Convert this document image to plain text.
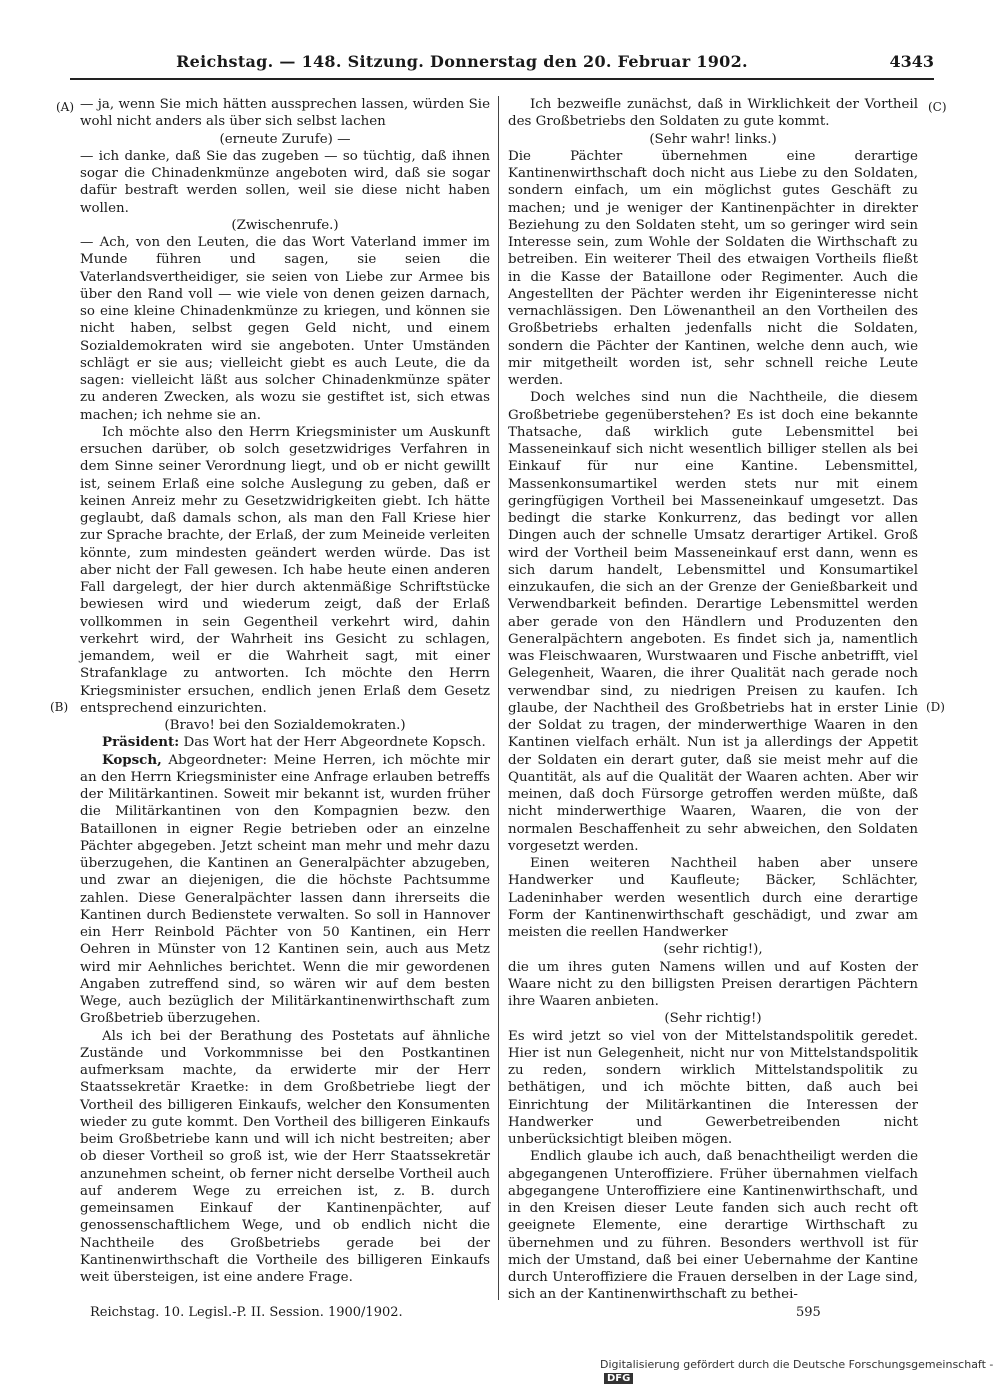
Reichstag. — 148. Sitzung. Donnerstag den 20. Februar 1902.	4343
(A)
(B)
(C)
(D)

— ja, wenn Sie mich hätten aussprechen lassen, würden Sie wohl nicht anders als über sich selbst lachen

(erneute Zurufe) —

— ich danke, daß Sie das zugeben — so tüchtig, daß ihnen sogar die Chinadenkmünze angeboten wird, daß sie sogar dafür bestraft werden sollen, weil sie diese nicht haben wollen.

(Zwischenrufe.)

— Ach, von den Leuten, die das Wort Vaterland immer im Munde führen und sagen, sie seien die Vaterlandsvertheidiger, sie seien von Liebe zur Armee bis über den Rand voll — wie viele von denen geizen darnach, so eine kleine Chinadenkmünze zu kriegen, und können sie nicht haben, selbst gegen Geld nicht, und einem Sozialdemokraten wird sie angeboten. Unter Umständen schlägt er sie aus; vielleicht giebt es auch Leute, die da sagen: vielleicht läßt aus solcher Chinadenkmünze später zu anderen Zwecken, als wozu sie gestiftet ist, sich etwas machen; ich nehme sie an.

Ich möchte also den Herrn Kriegsminister um Auskunft ersuchen darüber, ob solch gesetzwidriges Verfahren in dem Sinne seiner Verordnung liegt, und ob er nicht gewillt ist, seinem Erlaß eine solche Auslegung zu geben, daß er keinen Anreiz mehr zu Gesetzwidrigkeiten giebt. Ich hätte geglaubt, daß damals schon, als man den Fall Kriese hier zur Sprache brachte, der Erlaß, der zum Meineide verleiten könnte, zum mindesten geändert werden würde. Das ist aber nicht der Fall gewesen. Ich habe heute einen anderen Fall dargelegt, der hier durch aktenmäßige Schriftstücke bewiesen wird und wiederum zeigt, daß der Erlaß vollkommen in sein Gegentheil verkehrt wird, dahin verkehrt wird, der Wahrheit ins Gesicht zu schlagen, jemandem, weil er die Wahrheit sagt, mit einer Strafanklage zu antworten. Ich möchte den Herrn Kriegsminister ersuchen, endlich jenen Erlaß dem Gesetz entsprechend einzurichten.

(Bravo! bei den Sozialdemokraten.)

Präsident: Das Wort hat der Herr Abgeordnete Kopsch.

Kopsch, Abgeordneter: Meine Herren, ich möchte mir an den Herrn Kriegsminister eine Anfrage erlauben betreffs der Militärkantinen. Soweit mir bekannt ist, wurden früher die Militärkantinen von den Kompagnien bezw. den Bataillonen in eigner Regie betrieben oder an einzelne Pächter abgegeben. Jetzt scheint man mehr und mehr dazu überzugehen, die Kantinen an Generalpächter abzugeben, und zwar an diejenigen, die die höchste Pachtsumme zahlen. Diese Generalpächter lassen dann ihrerseits die Kantinen durch Bedienstete verwalten. So soll in Hannover ein Herr Reinbold Pächter von 50 Kantinen, ein Herr Oehren in Münster von 12 Kantinen sein, auch aus Metz wird mir Aehnliches berichtet. Wenn die mir gewordenen Angaben zutreffend sind, so wären wir auf dem besten Wege, auch bezüglich der Militärkantinenwirthschaft zum Großbetrieb überzugehen.

Als ich bei der Berathung des Postetats auf ähnliche Zustände und Vorkommnisse bei den Postkantinen aufmerksam machte, da erwiderte mir der Herr Staatssekretär Kraetke: in dem Großbetriebe liegt der Vortheil des billigeren Einkaufs, welcher den Konsumenten wieder zu gute kommt. Den Vortheil des billigeren Einkaufs beim Großbetriebe kann und will ich nicht bestreiten; aber ob dieser Vortheil so groß ist, wie der Herr Staatssekretär anzunehmen scheint, ob ferner nicht derselbe Vortheil auch auf anderem Wege zu erreichen ist, z. B. durch gemeinsamen Einkauf der Kantinenpächter, auf genossenschaftlichem Wege, und ob endlich nicht die Nachtheile des Großbetriebs gerade bei der Kantinenwirthschaft die Vortheile des billigeren Einkaufs weit übersteigen, ist eine andere Frage.

Ich bezweifle zunächst, daß in Wirklichkeit der Vortheil des Großbetriebs den Soldaten zu gute kommt.

(Sehr wahr! links.)

Die Pächter übernehmen eine derartige Kantinenwirthschaft doch nicht aus Liebe zu den Soldaten, sondern einfach, um ein möglichst gutes Geschäft zu machen; und je weniger der Kantinenpächter in direkter Beziehung zu den Soldaten steht, um so geringer wird sein Interesse sein, zum Wohle der Soldaten die Wirthschaft zu betreiben. Ein weiterer Theil des etwaigen Vortheils fließt in die Kasse der Bataillone oder Regimenter. Auch die Angestellten der Pächter werden ihr Eigeninteresse nicht vernachlässigen. Den Löwenantheil an den Vortheilen des Großbetriebs erhalten jedenfalls nicht die Soldaten, sondern die Pächter der Kantinen, welche denn auch, wie mir mitgetheilt worden ist, sehr schnell reiche Leute werden.

Doch welches sind nun die Nachtheile, die diesem Großbetriebe gegenüberstehen? Es ist doch eine bekannte Thatsache, daß wirklich gute Lebensmittel bei Masseneinkauf sich nicht wesentlich billiger stellen als bei Einkauf für nur eine Kantine. Lebensmittel, Massenkonsumartikel werden stets nur mit einem geringfügigen Vortheil bei Masseneinkauf umgesetzt. Das bedingt die starke Konkurrenz, das bedingt vor allen Dingen auch der schnelle Umsatz derartiger Artikel. Groß wird der Vortheil beim Masseneinkauf erst dann, wenn es sich darum handelt, Lebensmittel und Konsumartikel einzukaufen, die sich an der Grenze der Genießbarkeit und Verwendbarkeit befinden. Derartige Lebensmittel werden aber gerade von den Händlern und Produzenten den Generalpächtern angeboten. Es findet sich ja, namentlich was Fleischwaaren, Wurstwaaren und Fische anbetrifft, viel Gelegenheit, Waaren, die ihrer Qualität nach gerade noch verwendbar sind, zu niedrigen Preisen zu kaufen. Ich glaube, der Nachtheil des Großbetriebs hat in erster Linie der Soldat zu tragen, der minderwerthige Waaren in den Kantinen vielfach erhält. Nun ist ja allerdings der Appetit der Soldaten ein derart guter, daß sie meist mehr auf die Quantität, als auf die Qualität der Waaren achten. Aber wir meinen, daß doch Fürsorge getroffen werden müßte, daß nicht minderwerthige Waaren, Waaren, die von der normalen Beschaffenheit zu sehr abweichen, den Soldaten vorgesetzt werden.

Einen weiteren Nachtheil haben aber unsere Handwerker und Kaufleute; Bäcker, Schlächter, Ladeninhaber werden wesentlich durch eine derartige Form der Kantinenwirthschaft geschädigt, und zwar am meisten die reellen Handwerker

(sehr richtig!),

die um ihres guten Namens willen und auf Kosten der Waare nicht zu den billigsten Preisen derartigen Pächtern ihre Waaren anbieten.

(Sehr richtig!)

Es wird jetzt so viel von der Mittelstandspolitik geredet. Hier ist nun Gelegenheit, nicht nur von Mittelstandspolitik zu reden, sondern wirklich Mittelstandspolitik zu bethätigen, und ich möchte bitten, daß auch bei Einrichtung der Militärkantinen die Interessen der Handwerker und Gewerbetreibenden nicht unberücksichtigt bleiben mögen.

Endlich glaube ich auch, daß benachtheiligt werden die abgegangenen Unteroffiziere. Früher übernahmen vielfach abgegangene Unteroffiziere eine Kantinenwirthschaft, und in den Kreisen dieser Leute fanden sich auch recht oft geeignete Elemente, eine derartige Wirthschaft zu übernehmen und zu führen. Besonders werthvoll ist für mich der Umstand, daß bei einer Uebernahme der Kantine durch Unteroffiziere die Frauen derselben in der Lage sind, sich an der Kantinenwirthschaft zu bethei-

Reichstag. 10. Legisl.-P. II. Session. 1900/1902.	595
Digitalisierung gefördert durch die Deutsche Forschungsgemeinschaft -DFG
